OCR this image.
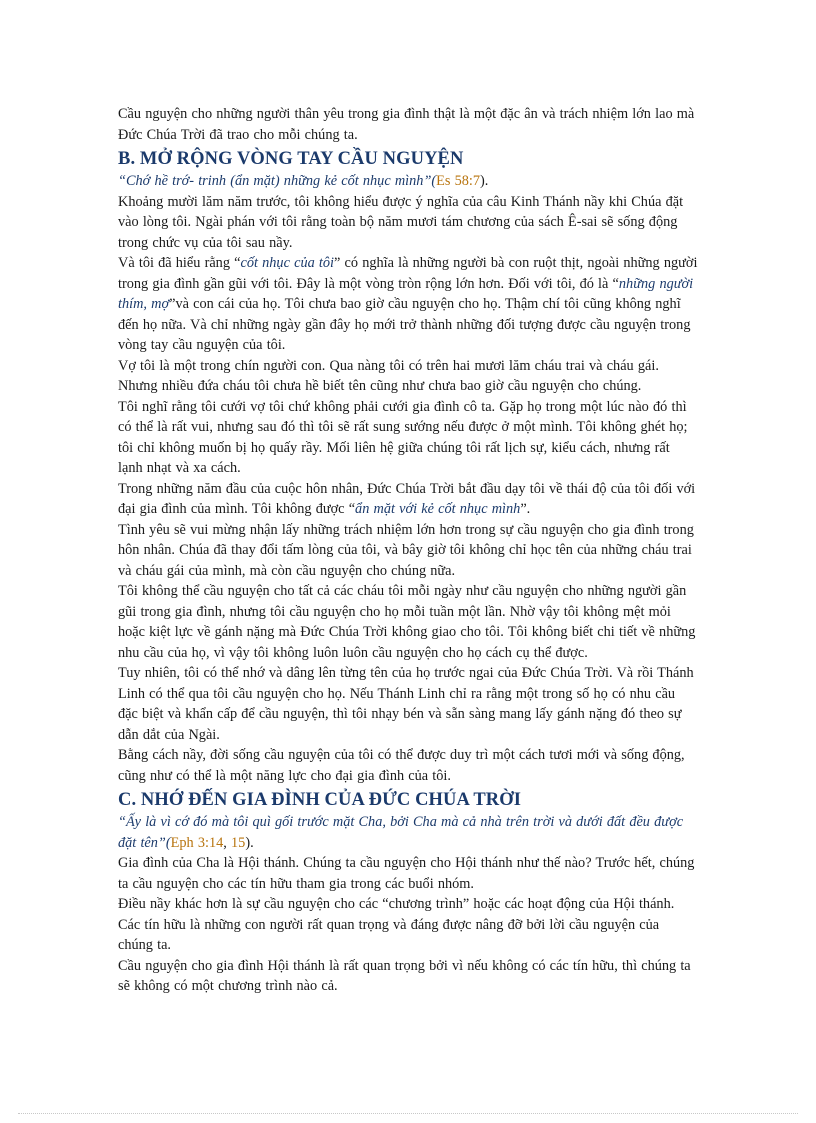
Cầu nguyện cho những người thân yêu trong gia đình thật là một đặc ân và trách nhiệm lớn lao mà Đức Chúa Trời đã trao cho mỗi chúng ta.

B. MỞ RỘNG VÒNG TAY CẦU NGUYỆN

“Chớ hề trớ- trinh (ẩn mặt) những kẻ cốt nhục mình”(Es 58:7).

Khoảng mười lăm năm trước, tôi không hiểu được ý nghĩa của câu Kinh Thánh nầy khi Chúa đặt vào lòng tôi. Ngài phán với tôi rằng toàn bộ năm mươi tám chương của sách Ê-sai sẽ sống động trong chức vụ của tôi sau nầy.

Và tôi đã hiểu rằng “cốt nhục của tôi” có nghĩa là những người bà con ruột thịt, ngoài những người trong gia đình gần gũi với tôi. Đây là một vòng tròn rộng lớn hơn. Đối với tôi, đó là “những người thím, mợ”và con cái của họ. Tôi chưa bao giờ cầu nguyện cho họ. Thậm chí tôi cũng không nghĩ đến họ nữa. Và chỉ những ngày gần đây họ mới trở thành những đối tượng được cầu nguyện trong vòng tay cầu nguyện của tôi.

Vợ tôi là một trong chín người con. Qua nàng tôi có trên hai mươi lăm cháu trai và cháu gái. Nhưng nhiều đứa cháu tôi chưa hề biết tên cũng như chưa bao giờ cầu nguyện cho chúng.

Tôi nghĩ rằng tôi cưới vợ tôi chứ không phải cưới gia đình cô ta. Gặp họ trong một lúc nào đó thì có thể là rất vui, nhưng sau đó thì tôi sẽ rất sung sướng nếu được ở một mình. Tôi không ghét họ; tôi chỉ không muốn bị họ quấy rầy. Mối liên hệ giữa chúng tôi rất lịch sự, kiểu cách, nhưng rất lạnh nhạt và xa cách.

Trong những năm đầu của cuộc hôn nhân, Đức Chúa Trời bắt đầu dạy tôi về thái độ của tôi đối với đại gia đình của mình. Tôi không được “ẩn mặt với kẻ cốt nhục mình”.

Tình yêu sẽ vui mừng nhận lấy những trách nhiệm lớn hơn trong sự cầu nguyện cho gia đình trong hôn nhân. Chúa đã thay đổi tấm lòng của tôi, và bây giờ tôi không chỉ học tên của những cháu trai và cháu gái của mình, mà còn cầu nguyện cho chúng nữa.

Tôi không thể cầu nguyện cho tất cả các cháu tôi mỗi ngày như cầu nguyện cho những người gần gũi trong gia đình, nhưng tôi cầu nguyện cho họ mỗi tuần một lần. Nhờ vậy tôi không mệt mỏi hoặc kiệt lực về gánh nặng mà Đức Chúa Trời không giao cho tôi. Tôi không biết chi tiết về những nhu cầu của họ, vì vậy tôi không luôn luôn cầu nguyện cho họ cách cụ thể được.

Tuy nhiên, tôi có thể nhớ và dâng lên từng tên của họ trước ngai của Đức Chúa Trời. Và rồi Thánh Linh có thể qua tôi cầu nguyện cho họ. Nếu Thánh Linh chỉ ra rằng một trong số họ có nhu cầu đặc biệt và khẩn cấp để cầu nguyện, thì tôi nhạy bén và sẵn sàng mang lấy gánh nặng đó theo sự dẫn dắt của Ngài.

Bằng cách nầy, đời sống cầu nguyện của tôi có thể được duy trì một cách tươi mới và sống động, cũng như có thể là một năng lực cho đại gia đình của tôi.

C. NHỚ ĐẾN GIA ĐÌNH CỦA ĐỨC CHÚA TRỜI

“Ấy là vì cớ đó mà tôi quì gối trước mặt Cha, bởi Cha mà cả nhà trên trời và dưới đất đều được đặt tên”(Eph 3:14, 15).

Gia đình của Cha là Hội thánh. Chúng ta cầu nguyện cho Hội thánh như thế nào? Trước hết, chúng ta cầu nguyện cho các tín hữu tham gia trong các buổi nhóm.

Điều nầy khác hơn là sự cầu nguyện cho các “chương trình” hoặc các hoạt động của Hội thánh. Các tín hữu là những con người rất quan trọng và đáng được nâng đỡ bởi lời cầu nguyện của chúng ta.

Cầu nguyện cho gia đình Hội thánh là rất quan trọng bởi vì nếu không có các tín hữu, thì chúng ta sẽ không có một chương trình nào cả.
